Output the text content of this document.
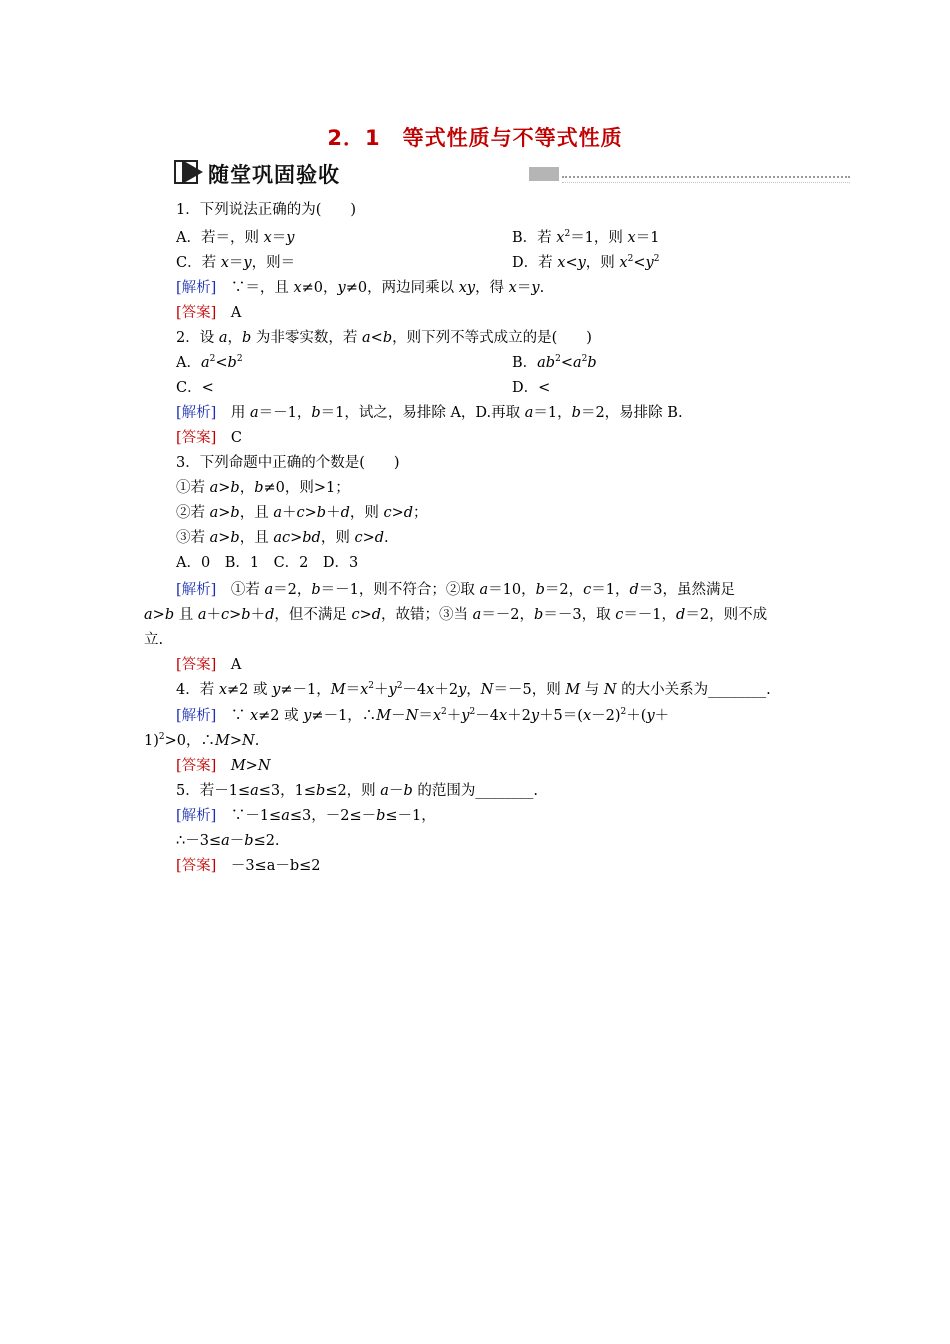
2．1　等式性质与不等式性质
随堂巩固验收
1．下列说法正确的为(　　)
A．若＝，则 x＝y	B．若 $x^2=1$，则 x＝1
C．若 x＝y，则＝	D．若 x<y，则 $x^2<y^2$
[解析]　∵＝，且 x≠0，y≠0，两边同乘以 xy，得 x＝y.
[答案]　 A
2．设 a，b 为非零实数，若 a<b，则下列不等式成立的是(　　)
A．$a^2<b^2$	B．$ab^2<a^2b$
C．<	D．<
[解析]　用 a＝－1，b＝1，试之，易排除 A，D.再取 a＝1，b＝2，易排除 B.
[答案]　 C
3．下列命题中正确的个数是(　　)
①若 a>b，b≠0，则>1；
②若 a>b，且 a＋c>b＋d，则 c>d；
③若 a>b，且 ac>bd，则 c>d.
A．0　B．1　C．2　D．3
[解析]　①若 a＝2，b＝－1，则不符合；②取 a＝10，b＝2，c＝1，d＝3，虽然满足
a>b 且 a＋c>b＋d，但不满足 c>d，故错；③当 a＝－2，b＝－3，取 c＝－1，d＝2，则不成
立.
[答案]　 A
4．若 x≠2 或 y≠－1，$M=x^2+y^2-4x+2y$，N＝－5，则 M 与 N 的大小关系为________.
[解析]　∵ x≠2 或 y≠－1，$\therefore M-N=x^2+y^2-4x+2y+5=(x-2)^2+(y+$
1)$^2$>0，∴M>N.
[答案]　 M>N
5．若－1≤a≤3，1≤b≤2，则 a－b 的范围为________.
[解析]　∵－1≤a≤3，－2≤－b≤－1，
∴－3≤a－b≤2.
[答案]　 －3≤a－b≤2
